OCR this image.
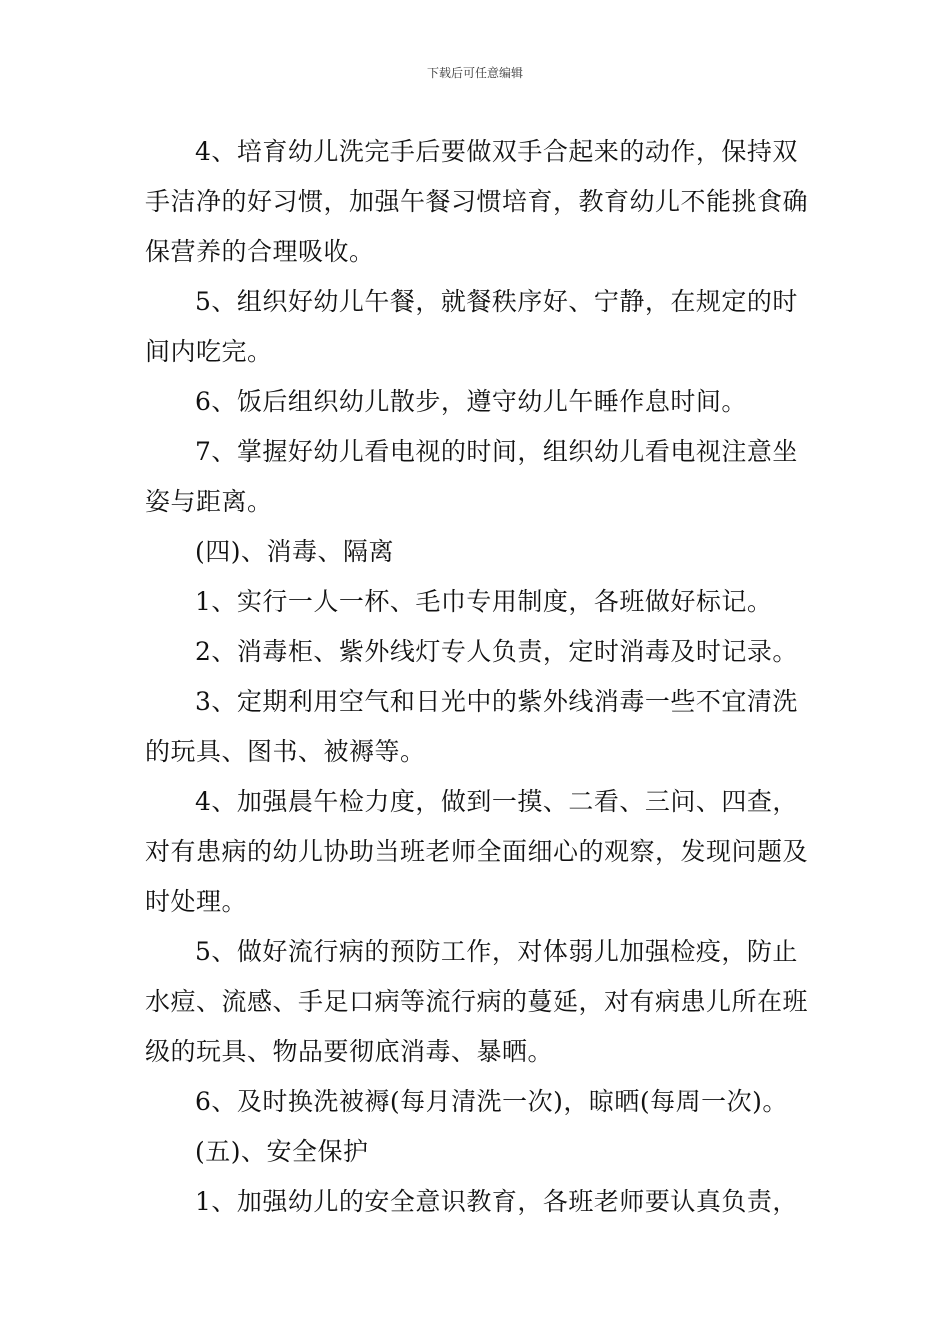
下载后可任意编辑

4、培育幼儿洗完手后要做双手合起来的动作，保持双手洁净的好习惯，加强午餐习惯培育，教育幼儿不能挑食确保营养的合理吸收。

5、组织好幼儿午餐，就餐秩序好、宁静，在规定的时间内吃完。

6、饭后组织幼儿散步，遵守幼儿午睡作息时间。

7、掌握好幼儿看电视的时间，组织幼儿看电视注意坐姿与距离。

(四)、消毒、隔离

1、实行一人一杯、毛巾专用制度，各班做好标记。

2、消毒柜、紫外线灯专人负责，定时消毒及时记录。

3、定期利用空气和日光中的紫外线消毒一些不宜清洗的玩具、图书、被褥等。

4、加强晨午检力度，做到一摸、二看、三问、四查，对有患病的幼儿协助当班老师全面细心的观察，发现问题及时处理。

5、做好流行病的预防工作，对体弱儿加强检疫，防止水痘、流感、手足口病等流行病的蔓延，对有病患儿所在班级的玩具、物品要彻底消毒、暴晒。

6、及时换洗被褥(每月清洗一次)，晾晒(每周一次)。

(五)、安全保护

1、加强幼儿的安全意识教育，各班老师要认真负责，
